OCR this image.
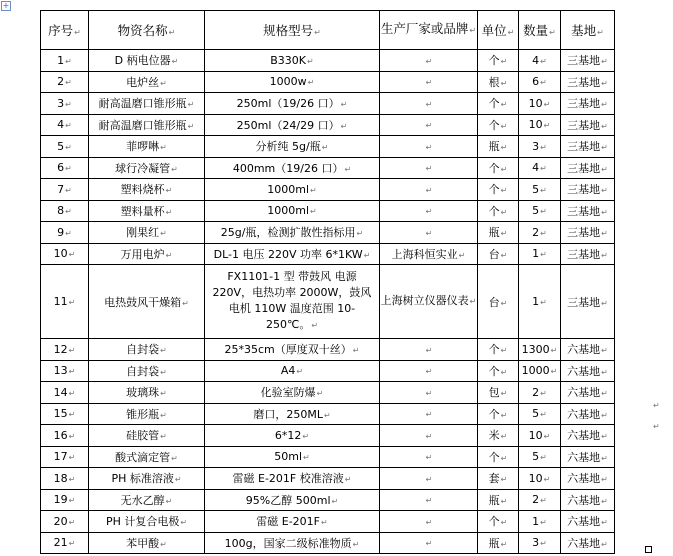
+
序号↵	物资名称↵	规格型号↵	生产厂家或品牌↵	单位↵	数量↵	基地↵
1↵	D 柄电位器↵	B330K↵	↵	个↵	4↵	三基地↵
2↵	电炉丝↵	1000w↵	↵	根↵	6↵	三基地↵
3↵	耐高温磨口锥形瓶↵	250ml（19/26 口）↵	↵	个↵	10↵	三基地↵
4↵	耐高温磨口锥形瓶↵	250ml（24/29 口）↵	↵	个↵	10↵	三基地↵
5↵	菲啰啉↵	分析纯 5g/瓶↵	↵	瓶↵	3↵	三基地↵
6↵	球行冷凝管↵	400mm（19/26 口）↵	↵	个↵	4↵	三基地↵
7↵	塑料烧杯↵	1000ml↵	↵	个↵	5↵	三基地↵
8↵	塑料量杯↵	1000ml↵	↵	个↵	5↵	三基地↵
9↵	刚果红↵	25g/瓶，检测扩散性指标用↵	↵	瓶↵	2↵	三基地↵
10↵	万用电炉↵	DL-1 电压 220V 功率 6*1KW↵	上海科恒实业↵	台↵	1↵	三基地↵
11↵	电热鼓风干燥箱↵	FX1101-1 型 带鼓风 电源 220V，电热功率 2000W，鼓风电机 110W 温度范围 10-250℃。↵	上海树立仪器仪表↵	台↵	1↵	三基地↵
12↵	自封袋↵	25*35cm（厚度双十丝）↵	↵	个↵	1300↵	六基地↵
13↵	自封袋↵	A4↵	↵	个↵	1000↵	六基地↵
14↵	玻璃珠↵	化验室防爆↵	↵	包↵	2↵	六基地↵
15↵	锥形瓶↵	磨口，250ML↵	↵	个↵	5↵	六基地↵
16↵	硅胶管↵	6*12↵	↵	米↵	10↵	六基地↵
17↵	酸式滴定管↵	50ml↵	↵	个↵	5↵	六基地↵
18↵	PH 标准溶液↵	雷磁 E-201F 校准溶液↵	↵	套↵	10↵	六基地↵
19↵	无水乙醇↵	95%乙醇 500ml↵	↵	瓶↵	2↵	六基地↵
20↵	PH 计复合电极↵	雷磁 E-201F↵	↵	个↵	1↵	六基地↵
21↵	苯甲酸↵	100g，国家二级标准物质↵	↵	瓶↵	3↵	六基地↵
↵
↵
